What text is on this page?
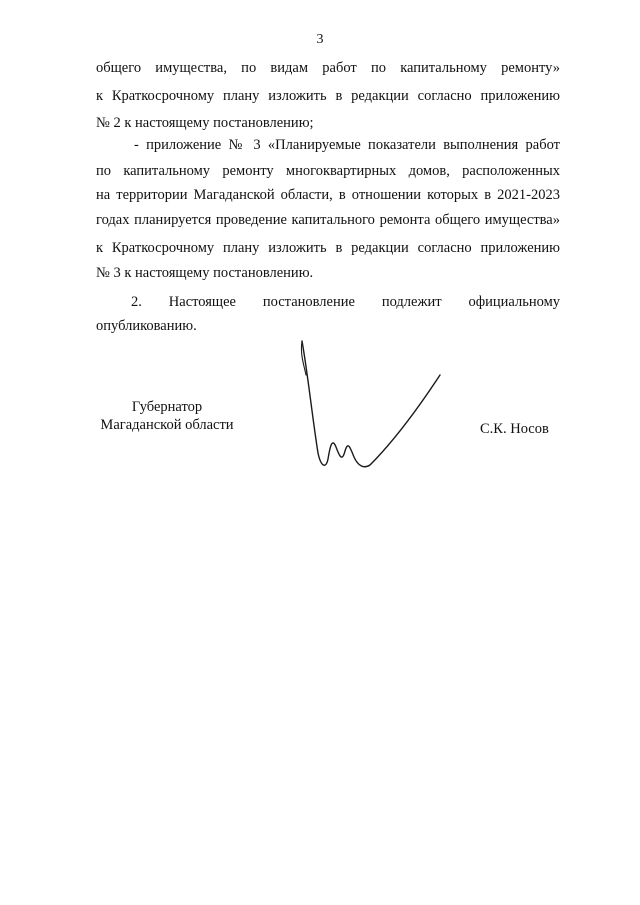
3
общего имущества, по видам работ по капитальному ремонту»
к Краткосрочному плану изложить в редакции согласно приложению
№ 2 к настоящему постановлению;
- приложение № 3 «Планируемые показатели выполнения работ
по капитальному ремонту многоквартирных домов, расположенных
на территории Магаданской области, в отношении которых в 2021-2023
годах планируется проведение капитального ремонта общего имущества»
к Краткосрочному плану изложить в редакции согласно приложению
№ 3 к настоящему постановлению.
2. Настоящее постановление подлежит официальному
опубликованию.
Губернатор
Магаданской области	С.К. Носов
